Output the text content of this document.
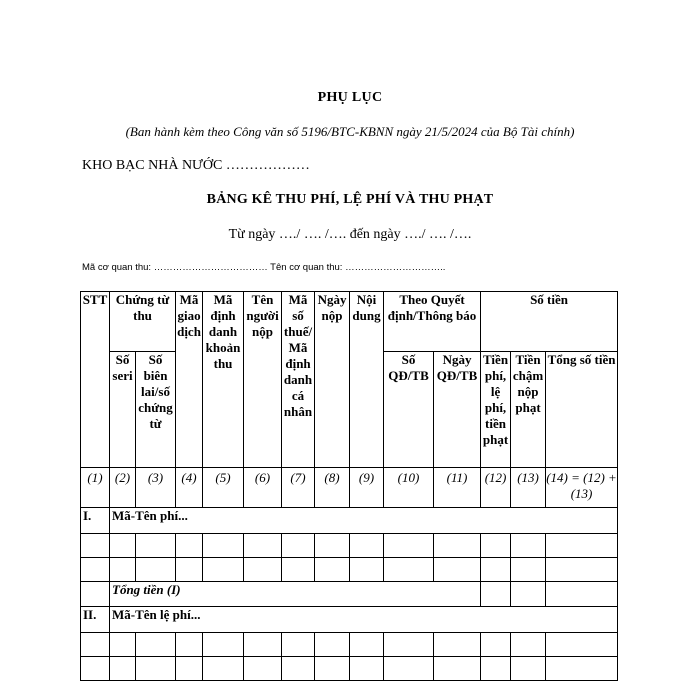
PHỤ LỤC
(Ban hành kèm theo Công văn số 5196/BTC-KBNN ngày 21/5/2024 của Bộ Tài chính)
KHO BẠC NHÀ NƯỚC ………………
BẢNG KÊ THU PHÍ, LỆ PHÍ VÀ THU PHẠT
Từ ngày …./ …. /…. đến ngày …./ …. /….
Mã cơ quan thu: ……………………………… Tên cơ quan thu: …………………………..
STT	Chứng từ thu		Mã giao dịch	Mã định danh khoản thu	Tên người nộp	Mã số thuế/ Mã định danh cá nhân	Ngày nộp	Nội dung	Theo Quyết định/Thông báo		Số tiền		
	Số seri	Số biên lai/số chứng từ							Số QĐ/TB	Ngày QĐ/TB	Tiền phí, lệ phí, tiền phạt	Tiền chậm nộp phạt	Tổng số tiền
(1)	(2)	(3)	(4)	(5)	(6)	(7)	(8)	(9)	(10)	(11)	(12)	(13)	(14) = (12) + (13)
I.	Mã-Tên phí...												

	Tổng tiền (I)												
II.	Mã-Tên lệ phí...												
